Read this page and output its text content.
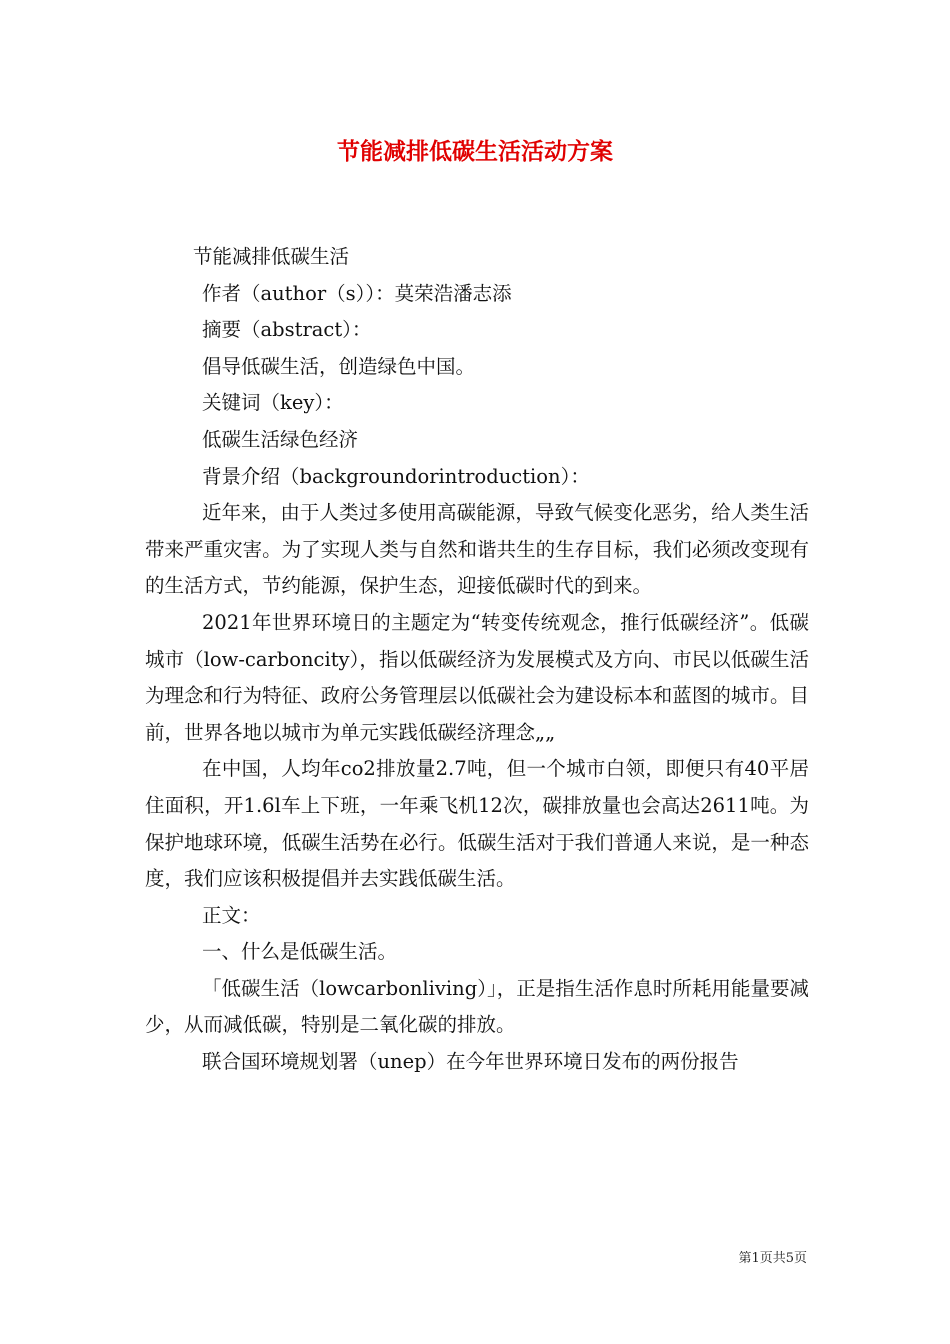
节能减排低碳生活活动方案

节能减排低碳生活

作者（author（s））：莫荣浩潘志添

摘要（abstract）：

倡导低碳生活，创造绿色中国。

关键词（key）：

低碳生活绿色经济

背景介绍（backgroundorintroduction）：

近年来，由于人类过多使用高碳能源，导致气候变化恶劣，给人类生活带来严重灾害。为了实现人类与自然和谐共生的生存目标，我们必须改变现有的生活方式，节约能源，保护生态，迎接低碳时代的到来。

2021年世界环境日的主题定为“转变传统观念，推行低碳经济”。低碳城市（low-carboncity），指以低碳经济为发展模式及方向、市民以低碳生活为理念和行为特征、政府公务管理层以低碳社会为建设标本和蓝图的城市。目前，世界各地以城市为单元实践低碳经济理念„„

在中国，人均年co2排放量2.7吨，但一个城市白领，即便只有40平居住面积，开1.6l车上下班，一年乘飞机12次，碳排放量也会高达2611吨。为保护地球环境，低碳生活势在必行。低碳生活对于我们普通人来说，是一种态度，我们应该积极提倡并去实践低碳生活。

正文：

一、什么是低碳生活。

「低碳生活（lowcarbonliving）」，正是指生活作息时所耗用能量要减少，从而减低碳，特别是二氧化碳的排放。

联合国环境规划署（unep）在今年世界环境日发布的两份报告

第1页共5页
